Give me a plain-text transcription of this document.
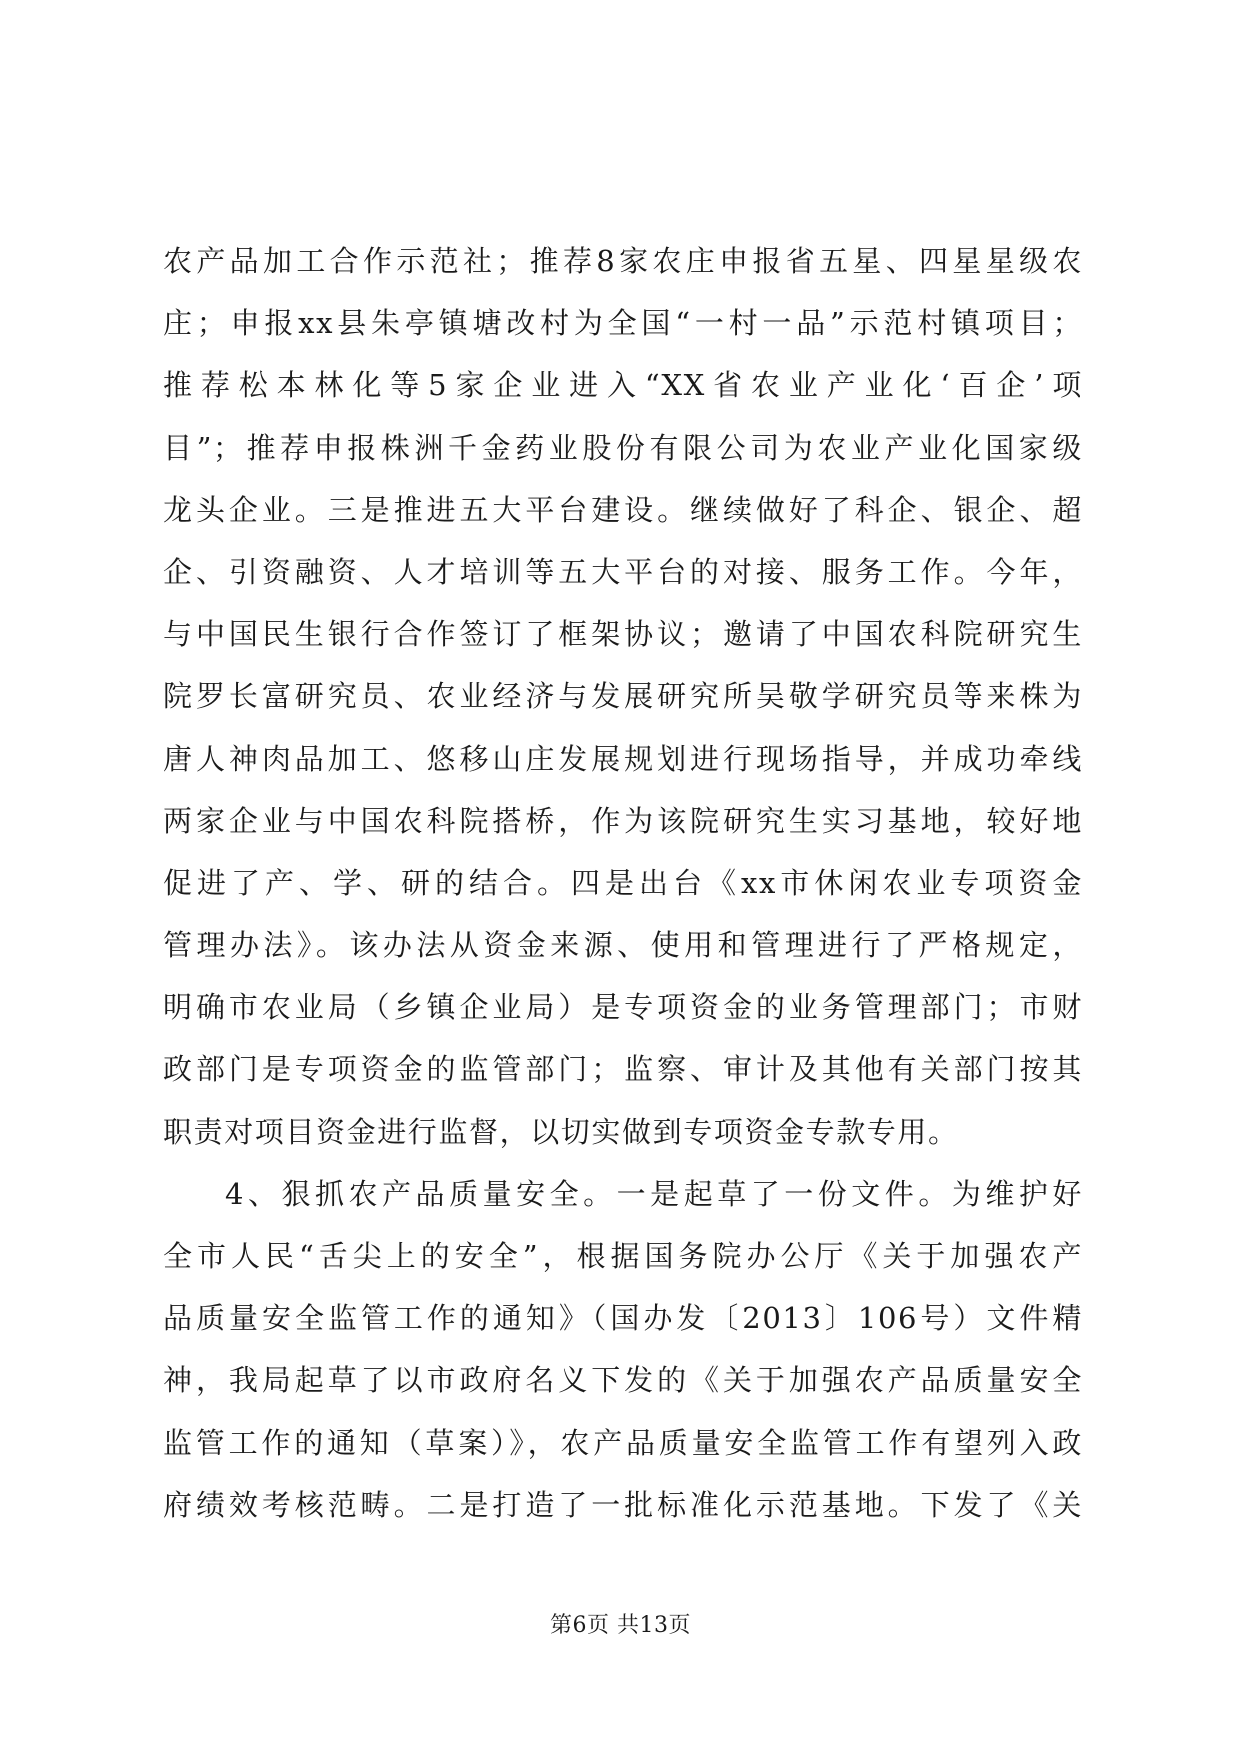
农产品加工合作示范社；推荐8家农庄申报省五星、四星星级农
庄；申报xx县朱亭镇塘改村为全国“一村一品”示范村镇项目；
推荐松本林化等5家企业进入“XX省农业产业化‘百企’项
目”；推荐申报株洲千金药业股份有限公司为农业产业化国家级
龙头企业。三是推进五大平台建设。继续做好了科企、银企、超
企、引资融资、人才培训等五大平台的对接、服务工作。今年，
与中国民生银行合作签订了框架协议；邀请了中国农科院研究生
院罗长富研究员、农业经济与发展研究所吴敬学研究员等来株为
唐人神肉品加工、悠移山庄发展规划进行现场指导，并成功牵线
两家企业与中国农科院搭桥，作为该院研究生实习基地，较好地
促进了产、学、研的结合。四是出台《xx市休闲农业专项资金
管理办法》。该办法从资金来源、使用和管理进行了严格规定，
明确市农业局（乡镇企业局）是专项资金的业务管理部门；市财
政部门是专项资金的监管部门；监察、审计及其他有关部门按其
职责对项目资金进行监督，以切实做到专项资金专款专用。
4、狠抓农产品质量安全。一是起草了一份文件。为维护好
全市人民“舌尖上的安全”，根据国务院办公厅《关于加强农产
品质量安全监管工作的通知》（国办发〔2013〕106号）文件精
神，我局起草了以市政府名义下发的《关于加强农产品质量安全
监管工作的通知（草案）》，农产品质量安全监管工作有望列入政
府绩效考核范畴。二是打造了一批标准化示范基地。下发了《关
第6页 共13页
